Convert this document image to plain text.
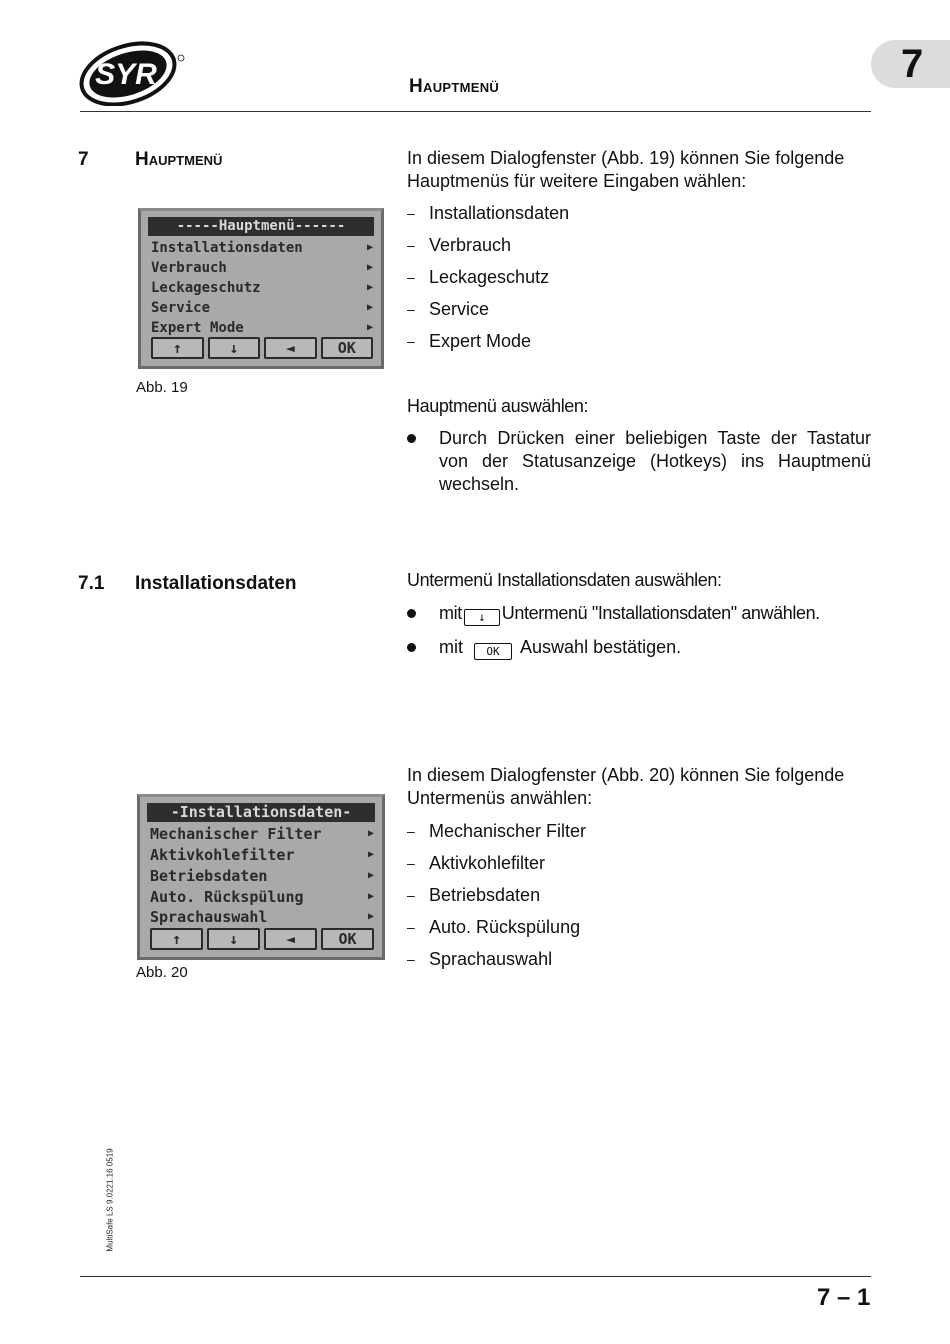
SYR	Hauptmenü
7
7 Hauptmenü
-----Hauptmenü------
Installationsdaten	▶
Verbrauch	▶
Leckageschutz	▶
Service	▶
Expert Mode	▶
↑	↓	◄	OK
Abb. 19
In diesem Dialogfenster (Abb. 19) können Sie folgende Hauptmenüs für weitere Eingaben wählen:
– Installationsdaten
– Verbrauch
– Leckageschutz
– Service
– Expert Mode
Hauptmenü auswählen:
Durch Drücken einer beliebigen Taste der Tastatur von der Statusanzeige (Hotkeys) ins Hauptmenü wechseln.
7.1 Installationsdaten	Untermenü Installationsdaten auswählen:
mit ↓ Untermenü "Installationsdaten" anwählen.
mit OK Auswahl bestätigen.
In diesem Dialogfenster (Abb. 20) können Sie folgende Untermenüs anwählen:
– Mechanischer Filter
– Aktivkohlefilter
– Betriebsdaten
– Auto. Rückspülung
– Sprachauswahl
-Installationsdaten-
Mechanischer Filter	▶
Aktivkohlefilter	▶
Betriebsdaten	▶
Auto. Rückspülung	▶
Sprachauswahl	▶
↑	↓	◄	OK
Abb. 20
MultiSafe LS 9.0221.16 0519
7 – 1
